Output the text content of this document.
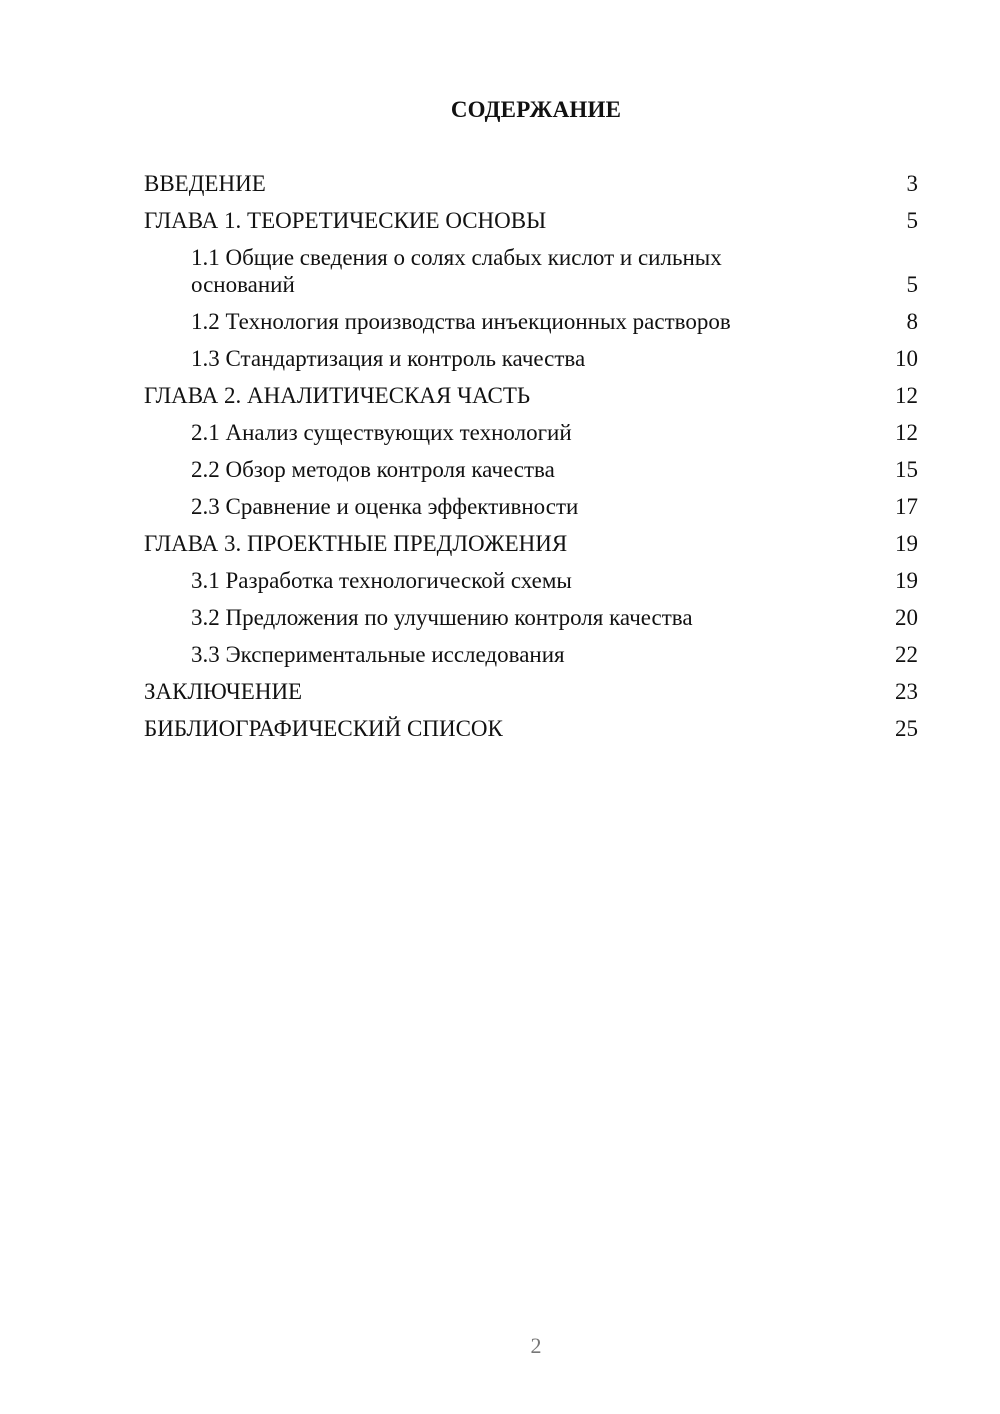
СОДЕРЖАНИЕ
ВВЕДЕНИЕ	3
ГЛАВА 1. ТЕОРЕТИЧЕСКИЕ ОСНОВЫ	5
1.1 Общие сведения о солях слабых кислот и сильных оснований	5
1.2 Технология производства инъекционных растворов	8
1.3 Стандартизация и контроль качества	10
ГЛАВА 2. АНАЛИТИЧЕСКАЯ ЧАСТЬ	12
2.1 Анализ существующих технологий	12
2.2 Обзор методов контроля качества	15
2.3 Сравнение и оценка эффективности	17
ГЛАВА 3. ПРОЕКТНЫЕ ПРЕДЛОЖЕНИЯ	19
3.1 Разработка технологической схемы	19
3.2 Предложения по улучшению контроля качества	20
3.3 Экспериментальные исследования	22
ЗАКЛЮЧЕНИЕ	23
БИБЛИОГРАФИЧЕСКИЙ СПИСОК	25
2
